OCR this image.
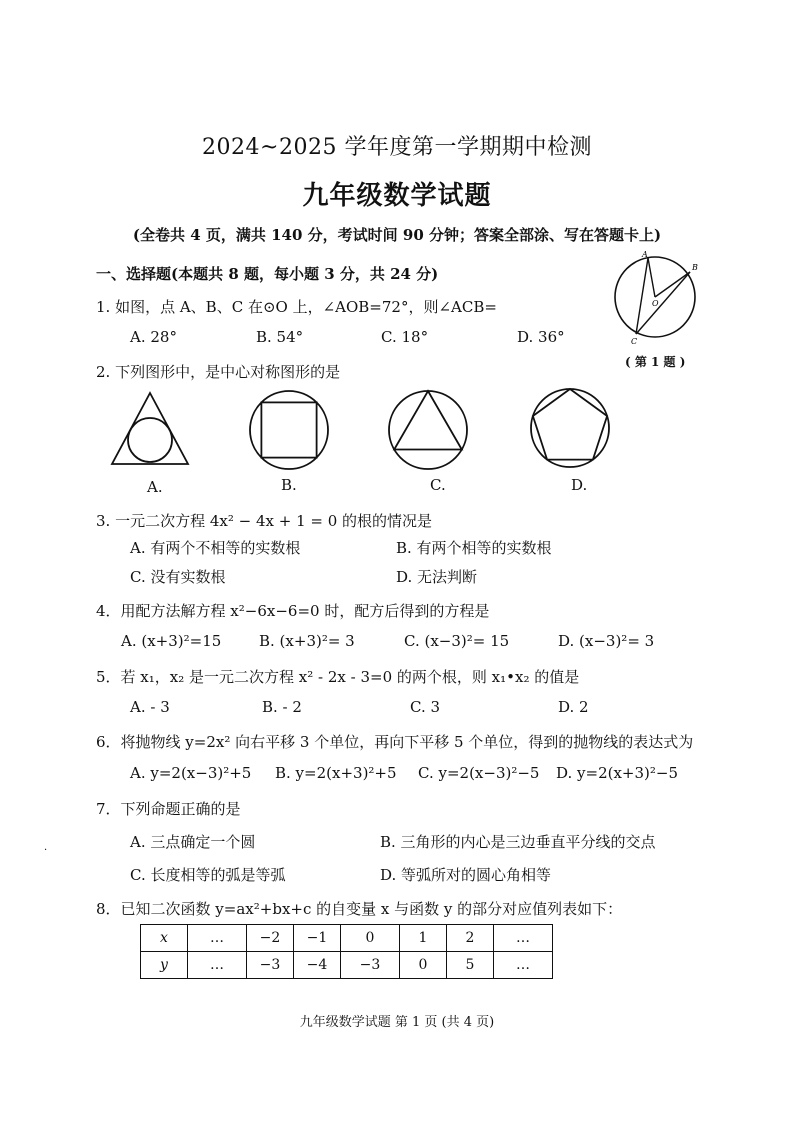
2024~2025 学年度第一学期期中检测
九年级数学试题
(全卷共 4 页，满共 140 分，考试时间 90 分钟；答案全部涂、写在答题卡上)
一、选择题(本题共 8 题，每小题 3 分，共 24 分)
A
B
O
C
( 第 1 题 )
1. 如图，点 A、B、C 在⊙O 上，∠AOB=72°，则∠ACB=
A. 28°	B. 54°	C. 18°	D. 36°
2. 下列图形中，是中心对称图形的是
A.	B.	C.	D.
3. 一元二次方程 4x² − 4x + 1 = 0 的根的情况是
A. 有两个不相等的实数根	B. 有两个相等的实数根
C. 没有实数根	D. 无法判断
4．用配方法解方程 x²−6x−6=0 时，配方后得到的方程是
A. (x+3)²=15	B. (x+3)²= 3	C. (x−3)²= 15	D. (x−3)²= 3
5．若 x₁，x₂ 是一元二次方程 x² - 2x - 3=0 的两个根，则 x₁•x₂ 的值是
A. - 3	B. - 2	C. 3	D. 2
6．将抛物线 y=2x² 向右平移 3 个单位，再向下平移 5 个单位，得到的抛物线的表达式为
A. y=2(x−3)²+5 B. y=2(x+3)²+5 C. y=2(x−3)²−5 D. y=2(x+3)²−5
7．下列命题正确的是
A. 三点确定一个圆	B. 三角形的内心是三边垂直平分线的交点
C. 长度相等的弧是等弧	D. 等弧所对的圆心角相等
·
8．已知二次函数 y=ax²+bx+c 的自变量 x 与函数 y 的部分对应值列表如下：
x	…	−2	−1	0	1	2	…
y	…	−3	−4	−3	0	5	…
九年级数学试题 第 1 页 (共 4 页)
